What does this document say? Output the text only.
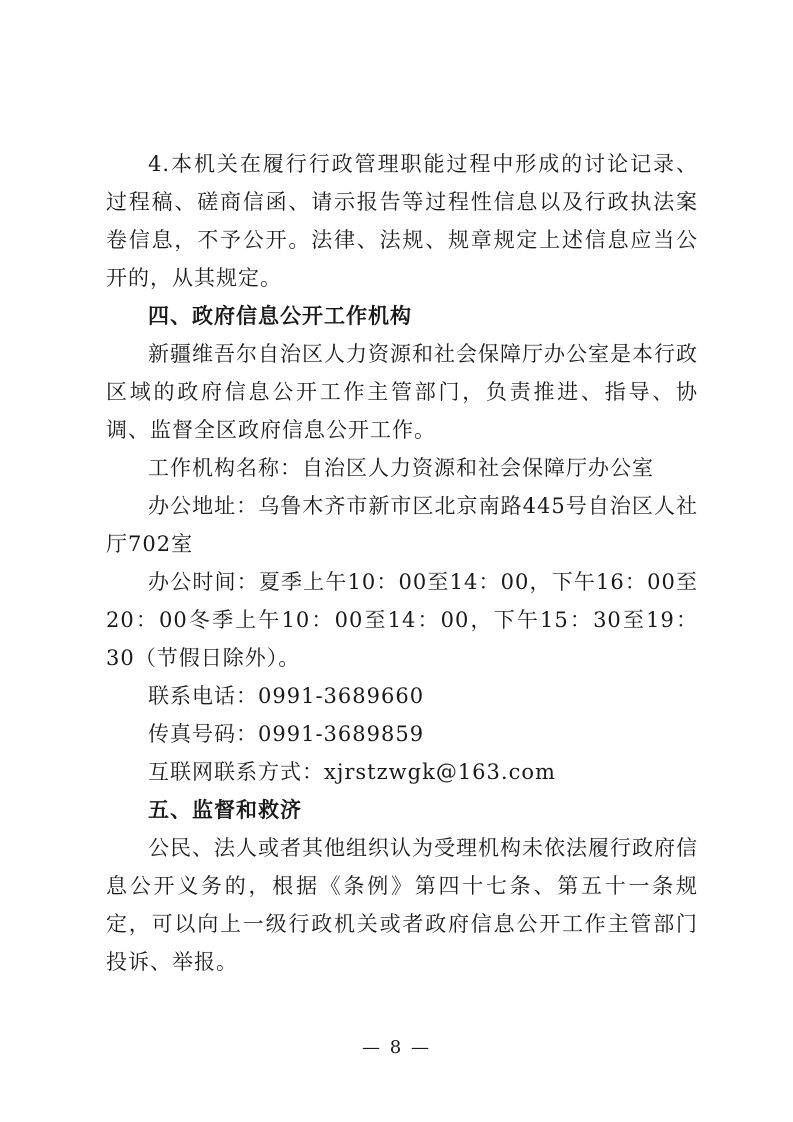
4.本机关在履行行政管理职能过程中形成的讨论记录、过程稿、磋商信函、请示报告等过程性信息以及行政执法案卷信息，不予公开。法律、法规、规章规定上述信息应当公开的，从其规定。

四、政府信息公开工作机构

新疆维吾尔自治区人力资源和社会保障厅办公室是本行政区域的政府信息公开工作主管部门，负责推进、指导、协调、监督全区政府信息公开工作。

工作机构名称：自治区人力资源和社会保障厅办公室

办公地址：乌鲁木齐市新市区北京南路445号自治区人社厅702室

办公时间：夏季上午10：00至14：00，下午16：00至20：00冬季上午10：00至14：00，下午15：30至19：30（节假日除外）。

联系电话：0991-3689660

传真号码：0991-3689859

互联网联系方式：xjrstzwgk@163.com

五、监督和救济

公民、法人或者其他组织认为受理机构未依法履行政府信息公开义务的，根据《条例》第四十七条、第五十一条规定，可以向上一级行政机关或者政府信息公开工作主管部门投诉、举报。

— 8 —
